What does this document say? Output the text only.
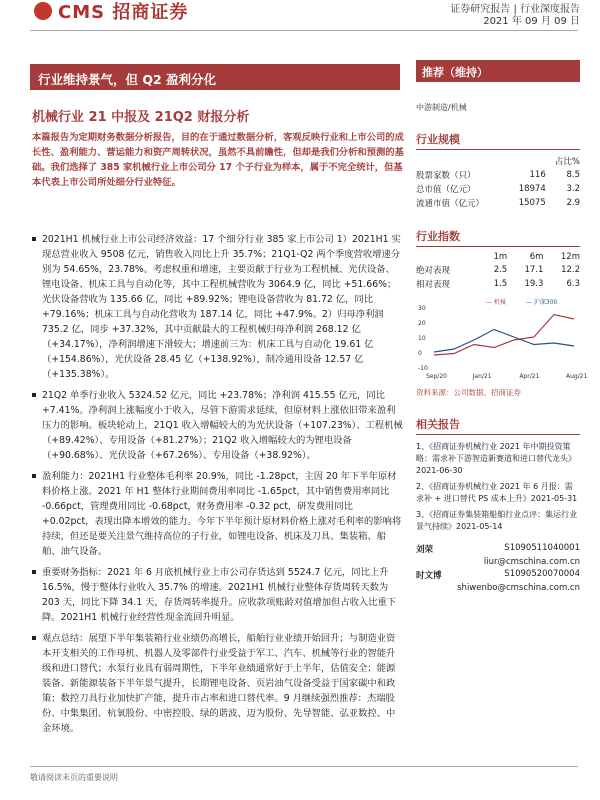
CMS 招商证券	证券研究报告 | 行业深度报告
2021 年 09 月 09 日
行业维持景气，但 Q2 盈利分化
机械行业 21 中报及 21Q2 财报分析
本篇报告为定期财务数据分析报告，目的在于通过数据分析，客观反映行业和上市公司的成长性、盈利能力、营运能力和资产周转状况，虽然不具前瞻性，但却是我们分析和预测的基础。我们选择了 385 家机械行业上市公司分 17 个子行业为样本，属于不完全统计，但基本代表上市公司所处细分行业特征。
2021H1 机械行业上市公司经济效益：17 个细分行业 385 家上市公司 1）2021H1 实现总营业收入 9508 亿元，销售收入同比上升 35.7%；21Q1-Q2 两个季度营收增速分别为 54.65%，23.78%。考虑权重和增速，主要贡献于行业为工程机械、光伏设备、锂电设备、机床工具与自动化等，其中工程机械营收为 3064.9 亿，同比 +51.66%；光伏设备营收为 135.66 亿，同比 +89.92%；锂电设备营收为 81.72 亿，同比 +79.16%；机床工具与自动化营收为 187.14 亿，同比 +47.9%。2）归母净利润 735.2 亿，同步 +37.32%，其中贡献最大的工程机械归母净利润 268.12 亿（+34.17%），净利润增速下滑较大；增速前三为：机床工具与自动化 19.61 亿（+154.86%），光伏设备 28.45 亿（+138.92%），制冷通用设备 12.57 亿（+135.38%）。
21Q2 单季行业收入 5324.52 亿元，同比 +23.78%；净利润 415.55 亿元，同比 +7.41%。净利润上涨幅度小于收入，尽管下游需求延续，但原材料上涨依旧带来盈利压力的影响。板块轮动上，21Q1 收入增幅较大的为光伏设备（+107.23%）、工程机械（+89.42%）、专用设备（+81.27%）；21Q2 收入增幅较大的为锂电设备（+90.68%）、光伏设备（+67.26%）、专用设备（+38.92%）。
盈利能力：2021H1 行业整体毛利率 20.9%，同比 -1.28pct，主因 20 年下半年原材料价格上涨。2021 年 H1 整体行业期间费用率同比 -1.65pct，其中销售费用率同比 -0.66pct，管理费用同比 -0.68pct，财务费用率 -0.32 pct，研发费用同比 +0.02pct，表现出降本增效的能力。今年下半年预计原材料价格上涨对毛利率的影响将持续，但还是要关注景气维持高位的子行业，如锂电设备、机床及刀具、集装箱、船舶、油气设备。
重要财务指标：2021 年 6 月底机械行业上市公司存货达到 5524.7 亿元，同比上升 16.5%，慢于整体行业收入 35.7% 的增速。2021H1 机械行业整体存货周转天数为 203 天，同比下降 34.1 天，存货周转率提升。应收款项账龄对值增加但占收入比重下降。2021H1 机械行业经营性现金流回升明显。
观点总结：展望下半年集装箱行业业绩仍高增长，船舶行业业绩开始回升；与制造业资本开支相关的工作母机、机器人及零部件行业受益于军工、汽车、机械等行业的智能升级和进口替代；水泵行业具有弱周期性，下半年业绩通常好于上半年，估值安全；能源装备、新能源装备下半年景气提升，长期锂电设备、页岩油气设备受益于国家碳中和政策；数控刀具行业加快扩产能，提升市占率和进口替代率。9 月继续强烈推荐：杰瑞股份、中集集团、杭氧股份、中密控股、绿的谐波、迈为股份、先导智能、弘亚数控、中金环境。
推荐（维持）
中游制造/机械
行业规模
		占比%
股票家数（只）	116	8.5
总市值（亿元）	18974	3.2
流通市值（亿元）	15075	2.9
行业指数
	1m	6m	12m
绝对表现	2.5	17.1	12.2
相对表现	1.5	19.3	6.3
-10
0
10
20
30
Sep/20	Jan/21	Apr/21	Aug/21
— 机械	— 沪深300
资料来源：公司数据、招商证券
相关报告
1、《招商证券机械行业 2021 年中期投资策略：需求补下游智造新赛道和进口替代龙头》2021-06-30
2、《招商证券机械行业 2021 年 6 月报：需求补 + 进口替代 PS 成本上升》2021-05-31
3、《招商证券集装箱船舶行业点评：集运行业景气持续》2021-05-14
刘荣	S1090511040001
liur@cmschina.com.cn
时文博	S1090520070004
shiwenbo@cmschina.com.cn
敬请阅读末页的重要说明
